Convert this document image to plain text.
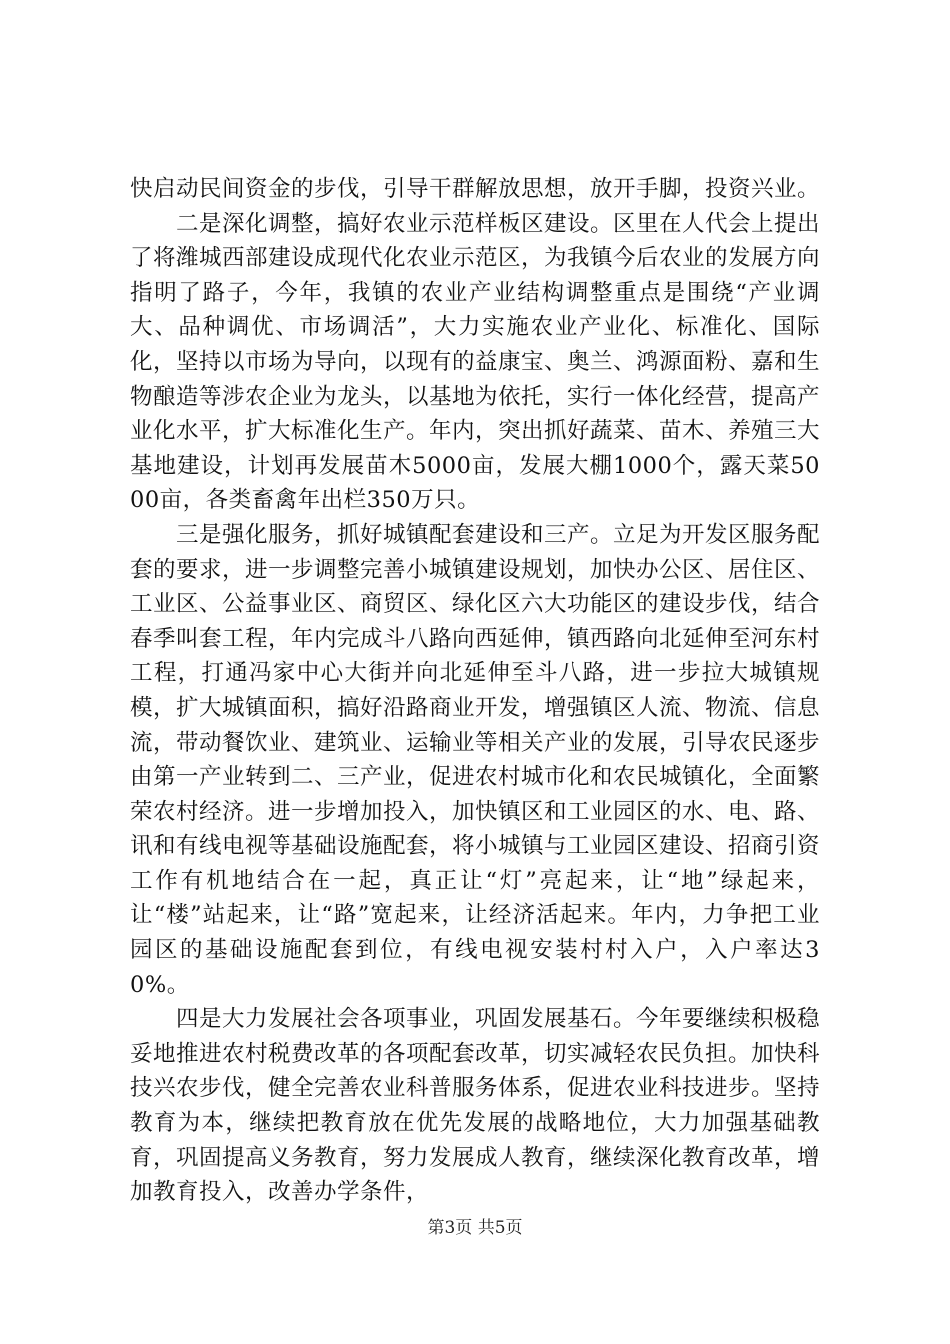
快启动民间资金的步伐，引导干群解放思想，放开手脚，投资兴业。

二是深化调整，搞好农业示范样板区建设。区里在人代会上提出了将潍城西部建设成现代化农业示范区，为我镇今后农业的发展方向指明了路子，今年，我镇的农业产业结构调整重点是围绕“产业调大、品种调优、市场调活”，大力实施农业产业化、标准化、国际化，坚持以市场为导向，以现有的益康宝、奥兰、鸿源面粉、嘉和生物酿造等涉农企业为龙头，以基地为依托，实行一体化经营，提高产业化水平，扩大标准化生产。年内，突出抓好蔬菜、苗木、养殖三大基地建设，计划再发展苗木5000亩，发展大棚1000个，露天菜5000亩，各类畜禽年出栏350万只。

三是强化服务，抓好城镇配套建设和三产。立足为开发区服务配套的要求，进一步调整完善小城镇建设规划，加快办公区、居住区、工业区、公益事业区、商贸区、绿化区六大功能区的建设步伐，结合春季叫套工程，年内完成斗八路向西延伸，镇西路向北延伸至河东村工程，打通冯家中心大街并向北延伸至斗八路，进一步拉大城镇规模，扩大城镇面积，搞好沿路商业开发，增强镇区人流、物流、信息流，带动餐饮业、建筑业、运输业等相关产业的发展，引导农民逐步由第一产业转到二、三产业，促进农村城市化和农民城镇化，全面繁荣农村经济。进一步增加投入，加快镇区和工业园区的水、电、路、讯和有线电视等基础设施配套，将小城镇与工业园区建设、招商引资工作有机地结合在一起，真正让“灯”亮起来，让“地”绿起来，让“楼”站起来，让“路”宽起来，让经济活起来。年内，力争把工业园区的基础设施配套到位，有线电视安装村村入户，入户率达30%。

四是大力发展社会各项事业，巩固发展基石。今年要继续积极稳妥地推进农村税费改革的各项配套改革，切实减轻农民负担。加快科技兴农步伐，健全完善农业科普服务体系，促进农业科技进步。坚持教育为本，继续把教育放在优先发展的战略地位，大力加强基础教育，巩固提高义务教育，努力发展成人教育，继续深化教育改革，增加教育投入，改善办学条件，

第3页 共5页
